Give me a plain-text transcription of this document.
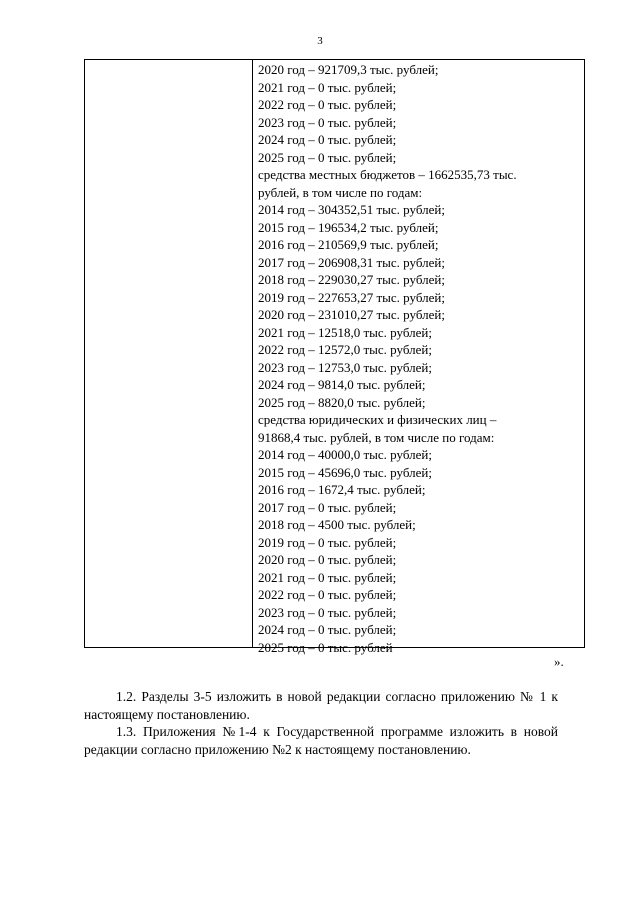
3
2020 год – 921709,3 тыс. рублей;
2021 год – 0 тыс. рублей;
2022 год – 0 тыс. рублей;
2023 год – 0 тыс. рублей;
2024 год – 0 тыс. рублей;
2025 год – 0 тыс. рублей;
средства местных бюджетов – 1662535,73 тыс.
рублей, в том числе по годам:
2014 год – 304352,51 тыс. рублей;
2015 год – 196534,2 тыс. рублей;
2016 год – 210569,9 тыс. рублей;
2017 год – 206908,31 тыс. рублей;
2018 год – 229030,27 тыс. рублей;
2019 год – 227653,27 тыс. рублей;
2020 год – 231010,27 тыс. рублей;
2021 год – 12518,0 тыс. рублей;
2022 год – 12572,0 тыс. рублей;
2023 год – 12753,0 тыс. рублей;
2024 год – 9814,0 тыс. рублей;
2025 год – 8820,0 тыс. рублей;
средства юридических и физических лиц –
91868,4 тыс. рублей, в том числе по годам:
2014 год – 40000,0 тыс. рублей;
2015 год – 45696,0 тыс. рублей;
2016 год – 1672,4 тыс. рублей;
2017 год – 0 тыс. рублей;
2018 год – 4500 тыс. рублей;
2019 год – 0 тыс. рублей;
2020 год – 0 тыс. рублей;
2021 год – 0 тыс. рублей;
2022 год – 0 тыс. рублей;
2023 год – 0 тыс. рублей;
2024 год – 0 тыс. рублей;
2025 год – 0 тыс. рублей
».
1.2. Разделы 3-5 изложить в новой редакции согласно приложению № 1 к настоящему постановлению.
1.3. Приложения №1-4 к Государственной программе изложить в новой редакции согласно приложению №2 к настоящему постановлению.
